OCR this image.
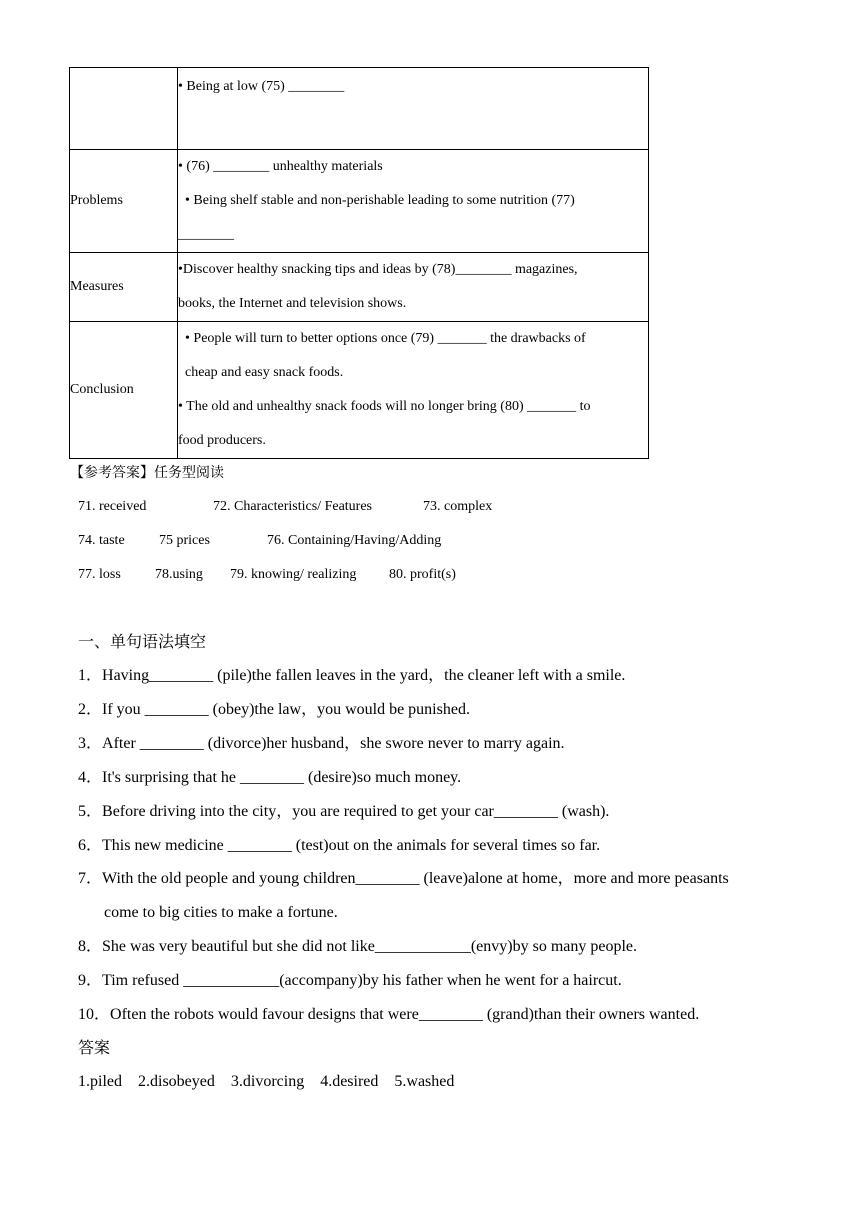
	• Being at low (75) ________

Problems	• (76) ________ unhealthy materials
• Being shelf stable and non-perishable leading to some nutrition (77)
________

Measures	•Discover healthy snacking tips and ideas by (78)________ magazines,
books, the Internet and television shows.

Conclusion	• People will turn to better options once (79) _______ the drawbacks of
cheap and easy snack foods.
• The old and unhealthy snack foods will no longer bring (80) _______ to
food producers.
【参考答案】任务型阅读
71. received	72. Characteristics/ Features	73. complex
74. taste 75 prices	76. Containing/Having/Adding
77. loss 78.using 79. knowing/ realizing 80. profit(s)
一、单句语法填空
1．Having________ (pile)the fallen leaves in the yard，the cleaner left with a smile.
2．If you ________ (obey)the law，you would be punished.
3．After ________ (divorce)her husband，she swore never to marry again.
4．It's surprising that he ________ (desire)so much money.
5．Before driving into the city，you are required to get your car________ (wash).
6．This new medicine ________ (test)out on the animals for several times so far.
7．With the old people and young children________ (leave)alone at home，more and more peasants
come to big cities to make a fortune.
8．She was very beautiful but she did not like____________(envy)by so many people.
9．Tim refused ____________(accompany)by his father when he went for a haircut.
10．Often the robots would favour designs that were________ (grand)than their owners wanted.
答案
1.piled    2.disobeyed    3.divorcing    4.desired    5.washed
